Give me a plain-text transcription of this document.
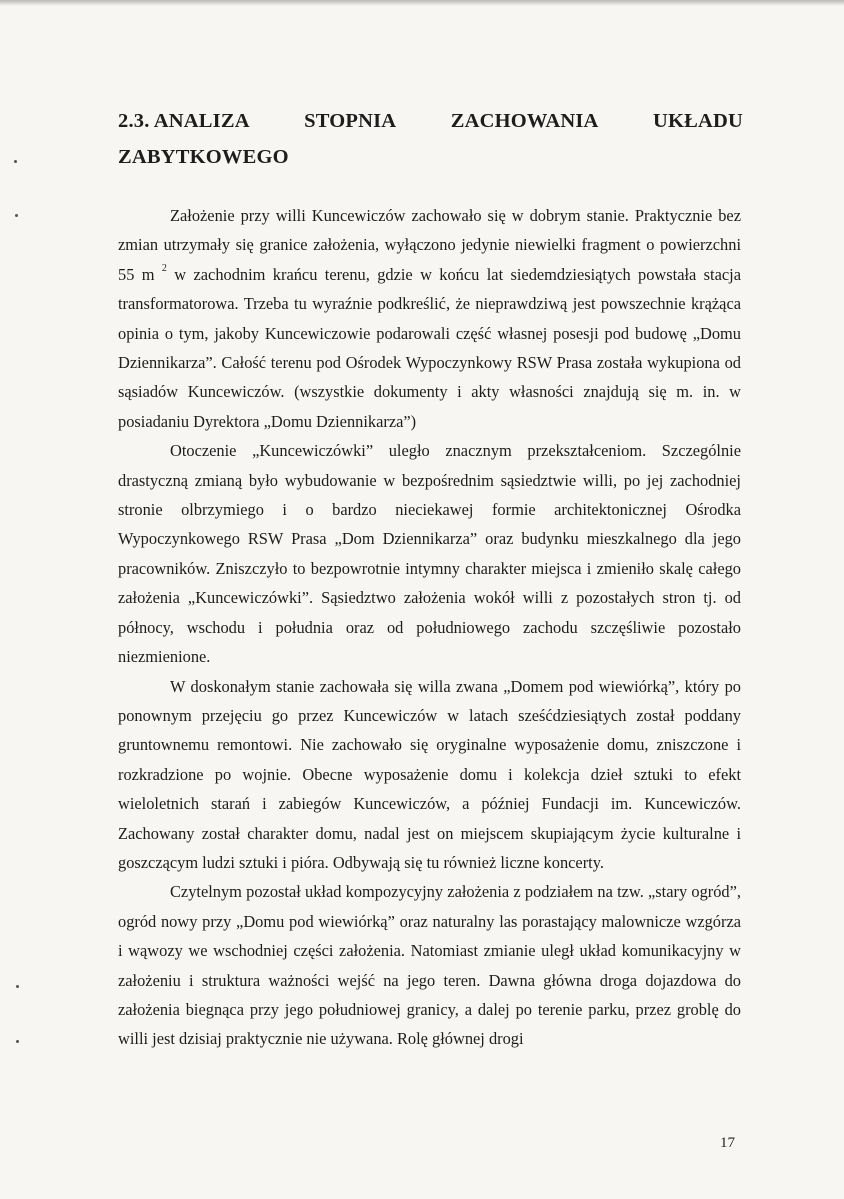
2.3. ANALIZA	STOPNIA	ZACHOWANIA	UKŁADU
ZABYTKOWEGO

Założenie przy willi Kuncewiczów zachowało się w dobrym stanie. Praktycznie bez zmian utrzymały się granice założenia, wyłączono jedynie niewielki fragment o powierzchni 55 m $^2$ w zachodnim krańcu terenu, gdzie w końcu lat siedemdziesiątych powstała stacja transformatorowa. Trzeba tu wyraźnie podkreślić, że nieprawdziwą jest powszechnie krążąca opinia o tym, jakoby Kuncewiczowie podarowali część własnej posesji pod budowę „Domu Dziennikarza”. Całość terenu pod Ośrodek Wypoczynkowy RSW Prasa została wykupiona od sąsiadów Kuncewiczów. (wszystkie dokumenty i akty własności znajdują się m. in. w posiadaniu Dyrektora „Domu Dziennikarza”)

Otoczenie „Kuncewiczówki” uległo znacznym przekształceniom. Szczególnie drastyczną zmianą było wybudowanie w bezpośrednim sąsiedztwie willi, po jej zachodniej stronie olbrzymiego i o bardzo nieciekawej formie architektonicznej Ośrodka Wypoczynkowego RSW Prasa „Dom Dziennikarza” oraz budynku mieszkalnego dla jego pracowników. Zniszczyło to bezpowrotnie intymny charakter miejsca i zmieniło skalę całego założenia „Kuncewiczówki”. Sąsiedztwo założenia wokół willi z pozostałych stron tj. od północy, wschodu i południa oraz od południowego zachodu szczęśliwie pozostało niezmienione.

W doskonałym stanie zachowała się willa zwana „Domem pod wiewiórką”, który po ponownym przejęciu go przez Kuncewiczów w latach sześćdziesiątych został poddany gruntownemu remontowi. Nie zachowało się oryginalne wyposażenie domu, zniszczone i rozkradzione po wojnie. Obecne wyposażenie domu i kolekcja dzieł sztuki to efekt wieloletnich starań i zabiegów Kuncewiczów, a później Fundacji im. Kuncewiczów. Zachowany został charakter domu, nadal jest on miejscem skupiającym życie kulturalne i goszczącym ludzi sztuki i pióra. Odbywają się tu również liczne koncerty.

Czytelnym pozostał układ kompozycyjny założenia z podziałem na tzw. „stary ogród”, ogród nowy przy „Domu pod wiewiórką” oraz naturalny las porastający malownicze wzgórza i wąwozy we wschodniej części założenia. Natomiast zmianie uległ układ komunikacyjny w założeniu i struktura ważności wejść na jego teren. Dawna główna droga dojazdowa do założenia biegnąca przy jego południowej granicy, a dalej po terenie parku, przez groblę do willi jest dzisiaj praktycznie nie używana. Rolę głównej drogi

17
